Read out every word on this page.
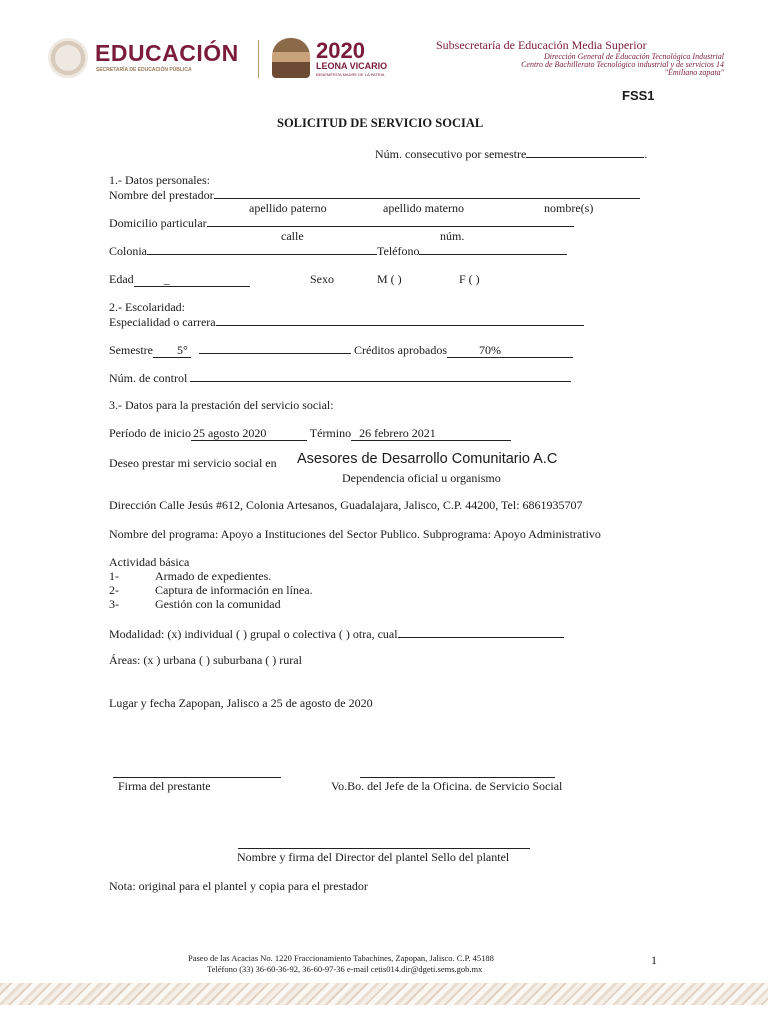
EDUCACIÓN
SECRETARÍA DE EDUCACIÓN PÚBLICA
2020
LEONA VICARIO
BENEMÉRITA MADRE DE LA PATRIA
Subsecretaría de Educación Media Superior
Dirección General de Educación Tecnológica Industrial
Centro de Bachillerato Tecnológico industrial y de servicios 14
"Emiliano zapata"
FSS1
SOLICITUD DE SERVICIO SOCIAL
Núm. consecutivo por semestre	.
1.- Datos personales:
Nombre del prestador
apellido paterno	apellido materno	nombre(s)
Domicilio particular
calle	núm.
Colonia	Teléfono
Edad	_	Sexo	M ( )	F ( )
2.- Escolaridad:
Especialidad o carrera
Semestre 5°	Créditos aprobados	70%
Núm. de control
3.- Datos para la prestación del servicio social:
Período de inicio 25 agosto 2020	Término 26 febrero 2021
Deseo prestar mi servicio social en Asesores de Desarrollo Comunitario A.C
Dependencia oficial u organismo
Dirección Calle Jesús #612, Colonia Artesanos, Guadalajara, Jalisco, C.P. 44200, Tel: 6861935707
Nombre del programa: Apoyo a Instituciones del Sector Publico. Subprograma: Apoyo Administrativo
Actividad básica
1-	Armado de expedientes.
2-	Captura de información en línea.
3-	Gestión con la comunidad
Modalidad: (x) individual ( ) grupal o colectiva ( ) otra, cual
Áreas: (x ) urbana ( ) suburbana ( ) rural
Lugar y fecha Zapopan, Jalisco a 25 de agosto de 2020
Firma del prestante	Vo.Bo. del Jefe de la Oficina. de Servicio Social
Nombre y firma del Director del plantel Sello del plantel
Nota: original para el plantel y copia para el prestador
Paseo de las Acacias No. 1220 Fraccionamiento Tabachines, Zapopan, Jalisco. C.P. 45188
Teléfono (33) 36-60-36-92, 36-60-97-36 e-mail cetis014.dir@dgeti.sems.gob.mx
1
